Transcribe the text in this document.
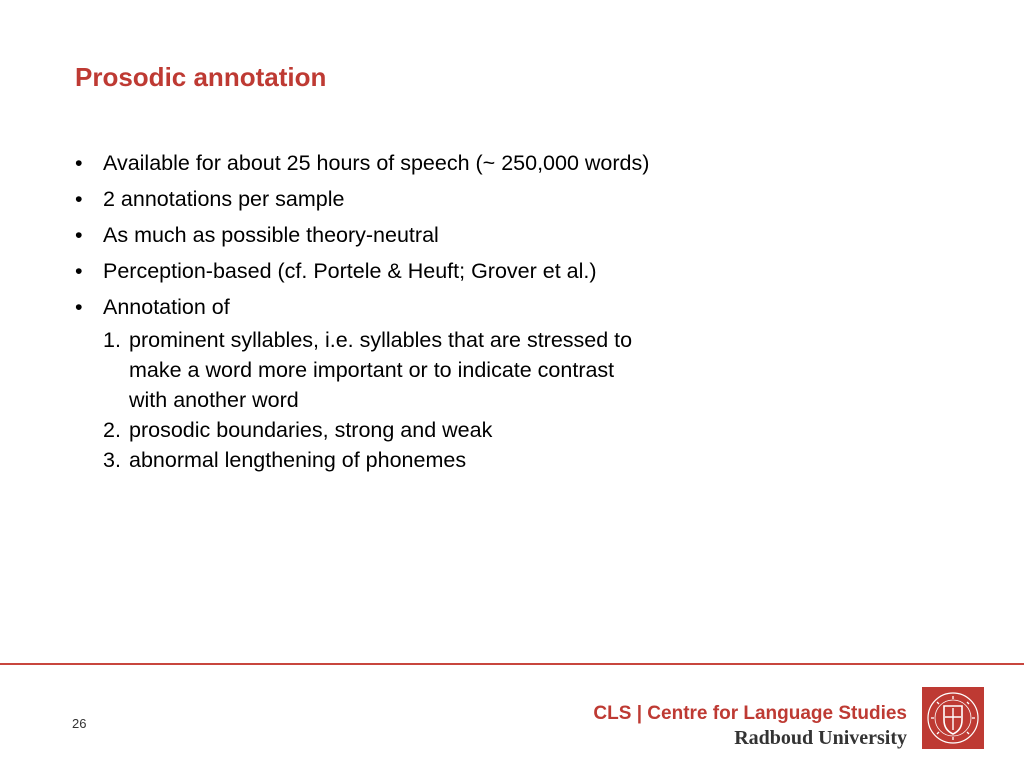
Prosodic annotation
• Available for about 25 hours of speech (~ 250,000 words)
• 2 annotations per sample
• As much as possible theory-neutral
• Perception-based (cf. Portele & Heuft; Grover et al.)
• Annotation of
1. prominent syllables, i.e. syllables that are stressed to
make a word more important or to indicate contrast
with another word
2. prosodic boundaries, strong and weak
3. abnormal lengthening of phonemes
26	CLS | Centre for Language Studies
Radboud University
